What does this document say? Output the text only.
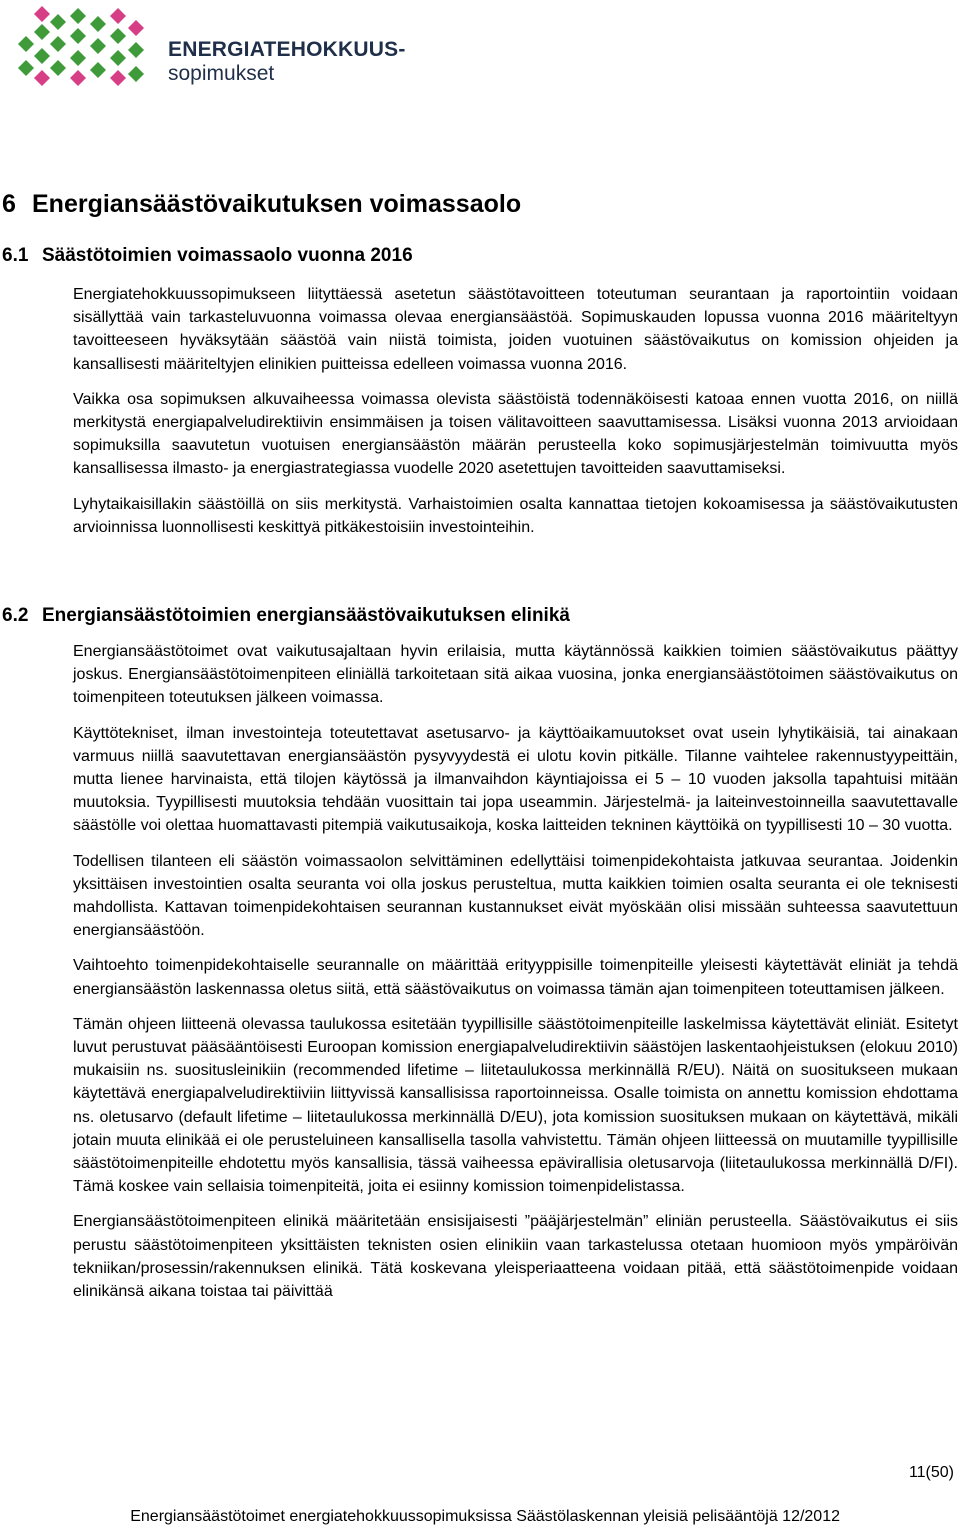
ENERGIATEHOKKUUS-
sopimukset
6 Energiansäästövaikutuksen voimassaolo
6.1 Säästötoimien voimassaolo vuonna 2016

Energiatehokkuussopimukseen liityttäessä asetetun säästötavoitteen toteutuman seurantaan ja raportointiin voidaan sisällyttää vain tarkasteluvuonna voimassa olevaa energiansäästöä. Sopimuskauden lopussa vuonna 2016 määriteltyyn tavoitteeseen hyväksytään säästöä vain niistä toimista, joiden vuotuinen säästövaikutus on komission ohjeiden ja kansallisesti määriteltyjen elinikien puitteissa edelleen voimassa vuonna 2016.

Vaikka osa sopimuksen alkuvaiheessa voimassa olevista säästöistä todennäköisesti katoaa ennen vuotta 2016, on niillä merkitystä energiapalveludirektiivin ensimmäisen ja toisen välitavoitteen saavuttamisessa. Lisäksi vuonna 2013 arvioidaan sopimuksilla saavutetun vuotuisen energiansäästön määrän perusteella koko sopimusjärjestelmän toimivuutta myös kansallisessa ilmasto- ja energiastrategiassa vuodelle 2020 asetettujen tavoitteiden saavuttamiseksi.

Lyhytaikaisillakin säästöillä on siis merkitystä. Varhaistoimien osalta kannattaa tietojen kokoamisessa ja säästövaikutusten arvioinnissa luonnollisesti keskittyä pitkäkestoisiin investointeihin.

6.2 Energiansäästötoimien energiansäästövaikutuksen elinikä

Energiansäästötoimet ovat vaikutusajaltaan hyvin erilaisia, mutta käytännössä kaikkien toimien säästövaikutus päättyy joskus. Energiansäästötoimenpiteen eliniällä tarkoitetaan sitä aikaa vuosina, jonka energiansäästötoimen säästövaikutus on toimenpiteen toteutuksen jälkeen voimassa.

Käyttötekniset, ilman investointeja toteutettavat asetusarvo- ja käyttöaikamuutokset ovat usein lyhytikäisiä, tai ainakaan varmuus niillä saavutettavan energiansäästön pysyvyydestä ei ulotu kovin pitkälle. Tilanne vaihtelee rakennustyypeittäin, mutta lienee harvinaista, että tilojen käytössä ja ilmanvaihdon käyntiajoissa ei 5 – 10 vuoden jaksolla tapahtuisi mitään muutoksia. Tyypillisesti muutoksia tehdään vuosittain tai jopa useammin. Järjestelmä- ja laiteinvestoinneilla saavutettavalle säästölle voi olettaa huomattavasti pitempiä vaikutusaikoja, koska laitteiden tekninen käyttöikä on tyypillisesti 10 – 30 vuotta.

Todellisen tilanteen eli säästön voimassaolon selvittäminen edellyttäisi toimenpidekohtaista jatkuvaa seurantaa. Joidenkin yksittäisen investointien osalta seuranta voi olla joskus perusteltua, mutta kaikkien toimien osalta seuranta ei ole teknisesti mahdollista. Kattavan toimenpidekohtaisen seurannan kustannukset eivät myöskään olisi missään suhteessa saavutettuun energiansäästöön.

Vaihtoehto toimenpidekohtaiselle seurannalle on määrittää erityyppisille toimenpiteille yleisesti käytettävät eliniät ja tehdä energiansäästön laskennassa oletus siitä, että säästövaikutus on voimassa tämän ajan toimenpiteen toteuttamisen jälkeen.

Tämän ohjeen liitteenä olevassa taulukossa esitetään tyypillisille säästötoimenpiteille laskelmissa käytettävät eliniät. Esitetyt luvut perustuvat pääsääntöisesti Euroopan komission energiapalveludirektiivin säästöjen laskentaohjeistuksen (elokuu 2010) mukaisiin ns. suositusleinikiin (recommended lifetime – liitetaulukossa merkinnällä R/EU). Näitä on suositukseen mukaan käytettävä energiapalveludirektiiviin liittyvissä kansallisissa raportoinneissa. Osalle toimista on annettu komission ehdottama ns. oletusarvo (default lifetime – liitetaulukossa merkinnällä D/EU), jota komission suosituksen mukaan on käytettävä, mikäli jotain muuta elinikää ei ole perusteluineen kansallisella tasolla vahvistettu. Tämän ohjeen liitteessä on muutamille tyypillisille säästötoimenpiteille ehdotettu myös kansallisia, tässä vaiheessa epävirallisia oletusarvoja (liitetaulukossa merkinnällä D/FI). Tämä koskee vain sellaisia toimenpiteitä, joita ei esiinny komission toimenpidelistassa.

Energiansäästötoimenpiteen elinikä määritetään ensisijaisesti ”pääjärjestelmän” eliniän perusteella. Säästövaikutus ei siis perustu säästötoimenpiteen yksittäisten teknisten osien elinikiin vaan tarkastelussa otetaan huomioon myös ympäröivän tekniikan/prosessin/rakennuksen elinikä. Tätä koskevana yleisperiaatteena voidaan pitää, että säästötoimenpide voidaan elinikänsä aikana toistaa tai päivittää

11(50)
Energiansäästötoimet energiatehokkuussopimuksissa Säästölaskennan yleisiä pelisääntöjä 12/2012
